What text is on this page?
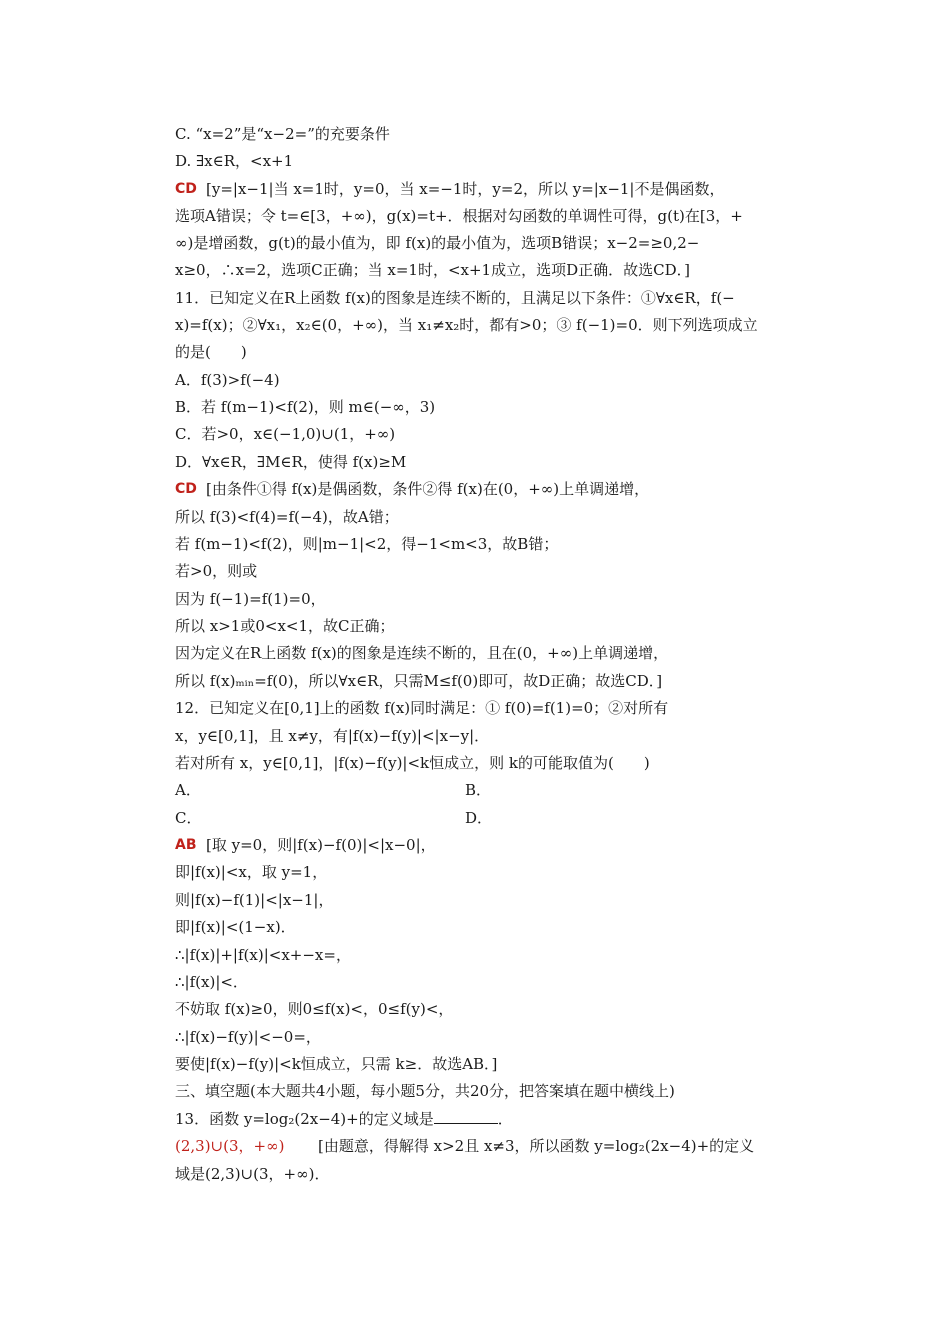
C. “x=2”是“x−2=”的充要条件
D. ∃x∈R，<x+1
CD [y=|x−1|当 x=1时，y=0，当 x=−1时，y=2，所以 y=|x−1|不是偶函数，
选项A错误；令 t=∈[3，+∞)，g(x)=t+．根据对勾函数的单调性可得，g(t)在[3，+
∞)是增函数，g(t)的最小值为，即 f(x)的最小值为，选项B错误；x−2=≥0,2−
x≥0，∴x=2，选项C正确；当 x=1时，<x+1成立，选项D正确．故选CD．]
11．已知定义在R上函数 f(x)的图象是连续不断的，且满足以下条件：①∀x∈R，f(−
x)=f(x)；②∀x₁，x₂∈(0，+∞)，当 x₁≠x₂时，都有>0；③ f(−1)=0．则下列选项成立
的是(　　)
A．f(3)>f(−4)
B．若 f(m−1)<f(2)，则 m∈(−∞，3)
C．若>0，x∈(−1,0)∪(1，+∞)
D．∀x∈R，∃M∈R，使得 f(x)≥M
CD [由条件①得 f(x)是偶函数，条件②得 f(x)在(0，+∞)上单调递增，
所以 f(3)<f(4)=f(−4)，故A错；
若 f(m−1)<f(2)，则|m−1|<2，得−1<m<3，故B错；
若>0，则或
因为 f(−1)=f(1)=0，
所以 x>1或0<x<1，故C正确；
因为定义在R上函数 f(x)的图象是连续不断的，且在(0，+∞)上单调递增，
所以 f(x)ₘᵢₙ=f(0)，所以∀x∈R，只需M≤f(0)即可，故D正确；故选CD．]
12．已知定义在[0,1]上的函数 f(x)同时满足：① f(0)=f(1)=0；②对所有
x，y∈[0,1]，且 x≠y，有|f(x)−f(y)|<|x−y|．
若对所有 x，y∈[0,1]，|f(x)−f(y)|<k恒成立，则 k的可能取值为(　　)
A．	B．
C．	D．
AB [取 y=0，则|f(x)−f(0)|<|x−0|，
即|f(x)|<x，取 y=1，
则|f(x)−f(1)|<|x−1|，
即|f(x)|<(1−x)．
∴|f(x)|+|f(x)|<x+−x=，
∴|f(x)|<．
不妨取 f(x)≥0，则0≤f(x)<，0≤f(y)<，
∴|f(x)−f(y)|<−0=，
要使|f(x)−f(y)|<k恒成立，只需 k≥．故选AB．]
三、填空题(本大题共4小题，每小题5分，共20分，把答案填在题中横线上)
13．函数 y=log₂(2x−4)+的定义域是	．
(2,3)∪(3，+∞) [由题意，得解得 x>2且 x≠3，所以函数 y=log₂(2x−4)+的定义
域是(2,3)∪(3，+∞)．
